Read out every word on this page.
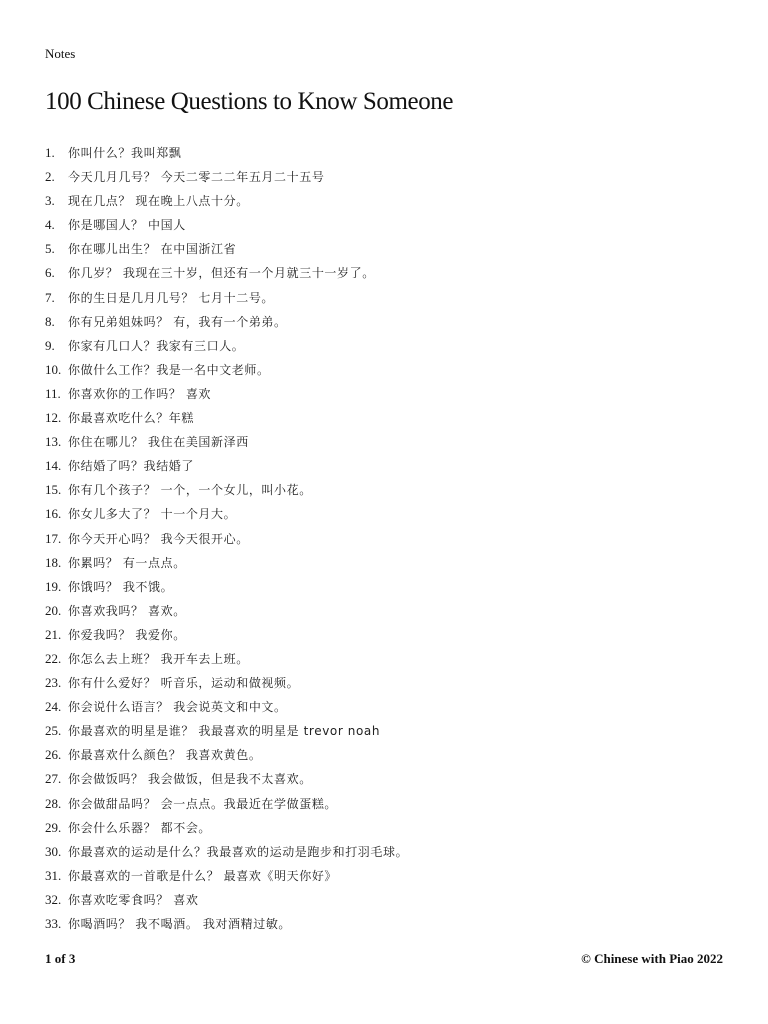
Notes
100 Chinese Questions to Know Someone
1.	你叫什么？我叫郑飘
2.	今天几月几号？ 今天二零二二年五月二十五号
3.	现在几点？ 现在晚上八点十分。
4.	你是哪国人？ 中国人
5.	你在哪儿出生？ 在中国浙江省
6.	你几岁？ 我现在三十岁，但还有一个月就三十一岁了。
7.	你的生日是几月几号？ 七月十二号。
8.	你有兄弟姐妹吗？ 有，我有一个弟弟。
9.	你家有几口人？我家有三口人。
10. 你做什么工作？我是一名中文老师。
11. 你喜欢你的工作吗？ 喜欢
12. 你最喜欢吃什么？年糕
13. 你住在哪儿？ 我住在美国新泽西
14. 你结婚了吗？我结婚了
15. 你有几个孩子？ 一个，一个女儿，叫小花。
16. 你女儿多大了？ 十一个月大。
17. 你今天开心吗？ 我今天很开心。
18. 你累吗？ 有一点点。
19. 你饿吗？ 我不饿。
20. 你喜欢我吗？ 喜欢。
21. 你爱我吗？ 我爱你。
22. 你怎么去上班？ 我开车去上班。
23. 你有什么爱好？ 听音乐，运动和做视频。
24. 你会说什么语言？ 我会说英文和中文。
25. 你最喜欢的明星是谁？ 我最喜欢的明星是 trevor noah
26. 你最喜欢什么颜色？ 我喜欢黄色。
27. 你会做饭吗？ 我会做饭，但是我不太喜欢。
28. 你会做甜品吗？ 会一点点。我最近在学做蛋糕。
29. 你会什么乐器？ 都不会。
30. 你最喜欢的运动是什么？我最喜欢的运动是跑步和打羽毛球。
31. 你最喜欢的一首歌是什么？ 最喜欢《明天你好》
32. 你喜欢吃零食吗？ 喜欢
33. 你喝酒吗？ 我不喝酒。 我对酒精过敏。
1 of 3	© Chinese with Piao 2022
